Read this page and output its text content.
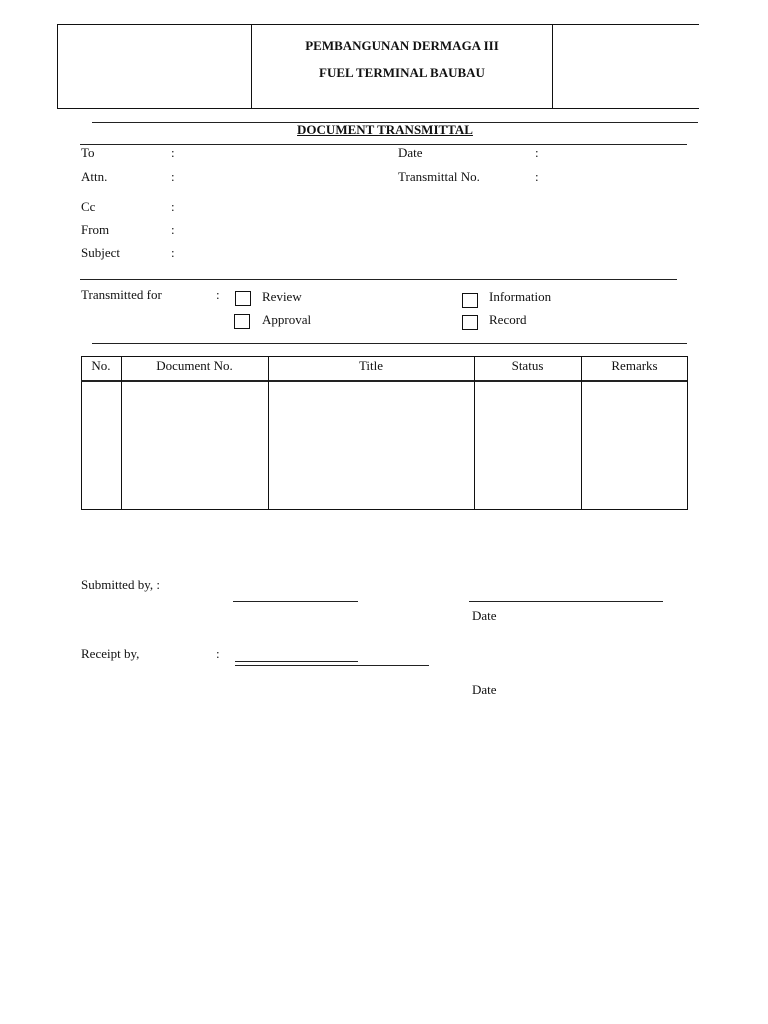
PEMBANGUNAN DERMAGA III
FUEL TERMINAL BAUBAU
DOCUMENT TRANSMITTAL
To	:
Attn.	:
Cc	:
From	:
Subject	:
Date	:
Transmittal No.	:
Transmitted for	:	Review	Information
Approval	Record
No.	Document No.	Title	Status	Remarks
Submitted by, :
Date
Receipt by,	:
Date
